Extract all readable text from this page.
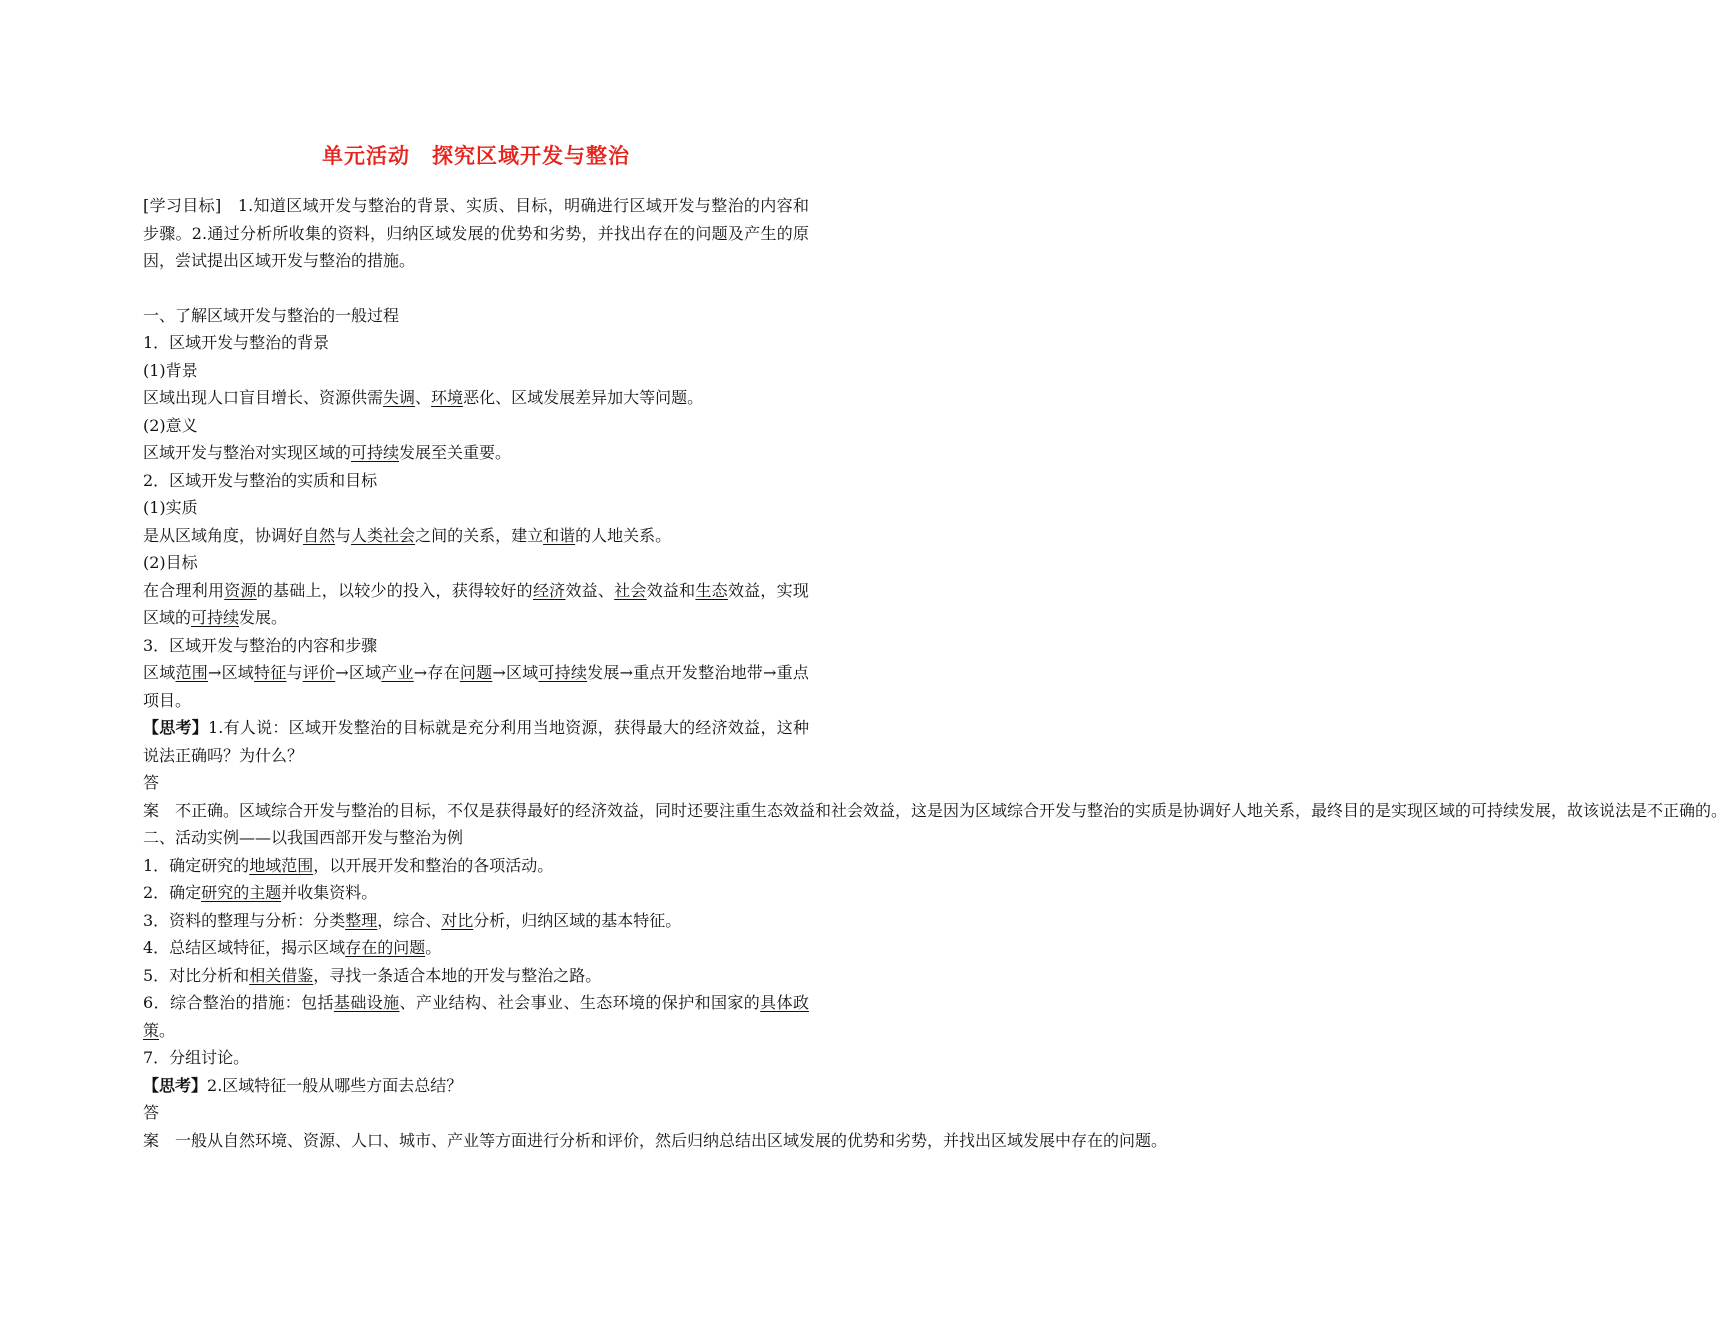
单元活动　探究区域开发与整治
[学习目标]　1.知道区域开发与整治的背景、实质、目标，明确进行区域开发与整治的内容和步骤。2.通过分析所收集的资料，归纳区域发展的优势和劣势，并找出存在的问题及产生的原因，尝试提出区域开发与整治的措施。
一、了解区域开发与整治的一般过程
1．区域开发与整治的背景
(1)背景
区域出现人口盲目增长、资源供需失调、环境恶化、区域发展差异加大等问题。
(2)意义
区域开发与整治对实现区域的可持续发展至关重要。
2．区域开发与整治的实质和目标
(1)实质
是从区域角度，协调好自然与人类社会之间的关系，建立和谐的人地关系。
(2)目标
在合理利用资源的基础上，以较少的投入，获得较好的经济效益、社会效益和生态效益，实现区域的可持续发展。
3．区域开发与整治的内容和步骤
区域范围→区域特征与评价→区域产业→存在问题→区域可持续发展→重点开发整治地带→重点项目。
【思考】1.有人说：区域开发整治的目标就是充分利用当地资源，获得最大的经济效益，这种说法正确吗？为什么？
答案　不正确。区域综合开发与整治的目标，不仅是获得最好的经济效益，同时还要注重生态效益和社会效益，这是因为区域综合开发与整治的实质是协调好人地关系，最终目的是实现区域的可持续发展，故该说法是不正确的。
二、活动实例——以我国西部开发与整治为例
1．确定研究的地域范围，以开展开发和整治的各项活动。
2．确定研究的主题并收集资料。
3．资料的整理与分析：分类整理，综合、对比分析，归纳区域的基本特征。
4．总结区域特征，揭示区域存在的问题。
5．对比分析和相关借鉴，寻找一条适合本地的开发与整治之路。
6．综合整治的措施：包括基础设施、产业结构、社会事业、生态环境的保护和国家的具体政策。
7．分组讨论。
【思考】2.区域特征一般从哪些方面去总结？
答案　一般从自然环境、资源、人口、城市、产业等方面进行分析和评价，然后归纳总结出区域发展的优势和劣势，并找出区域发展中存在的问题。
